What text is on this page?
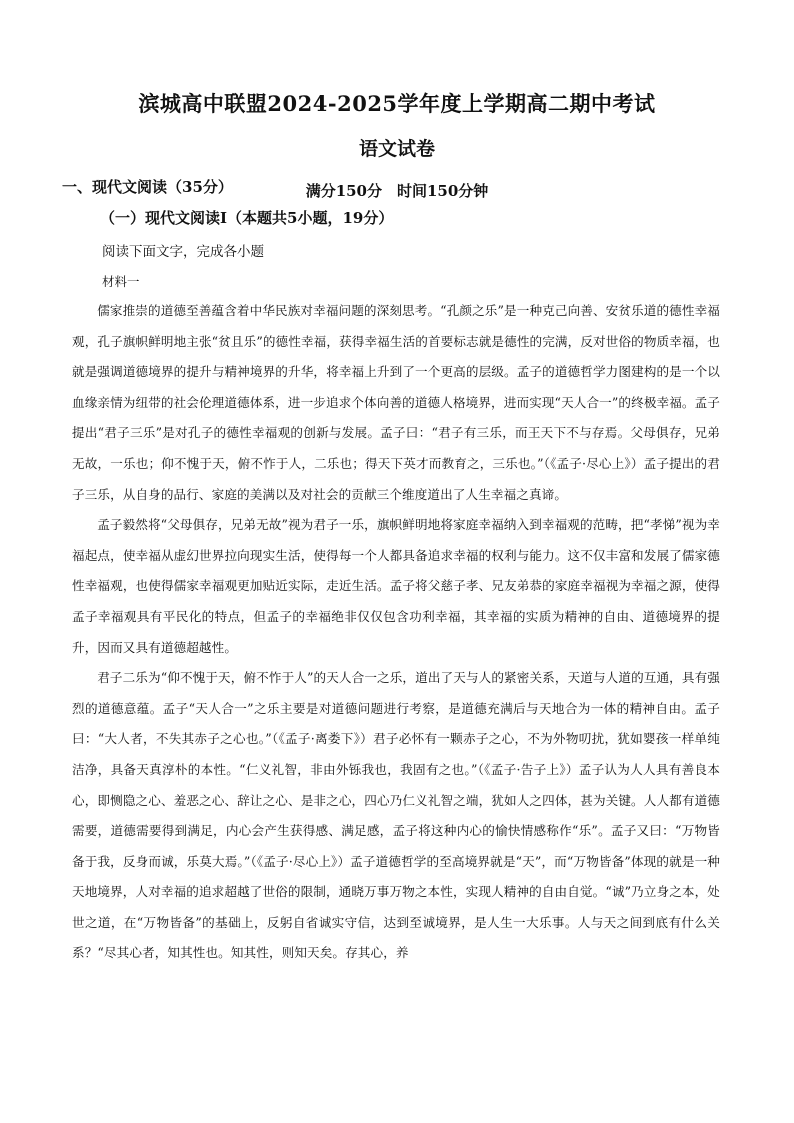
滨城高中联盟2024-2025学年度上学期高二期中考试
语文试卷
满分150分　时间150分钟
一、现代文阅读（35分）
（一）现代文阅读Ⅰ（本题共5小题，19分）

阅读下面文字，完成各小题

材料一

儒家推崇的道德至善蕴含着中华民族对幸福问题的深刻思考。“孔颜之乐”是一种克己向善、安贫乐道的德性幸福观，孔子旗帜鲜明地主张“贫且乐”的德性幸福，获得幸福生活的首要标志就是德性的完满，反对世俗的物质幸福，也就是强调道德境界的提升与精神境界的升华，将幸福上升到了一个更高的层级。孟子的道德哲学力图建构的是一个以血缘亲情为纽带的社会伦理道德体系，进一步追求个体向善的道德人格境界，进而实现“天人合一”的终极幸福。孟子提出“君子三乐”是对孔子的德性幸福观的创新与发展。孟子曰：“君子有三乐，而王天下不与存焉。父母俱存，兄弟无故，一乐也；仰不愧于天，俯不怍于人，二乐也；得天下英才而教育之，三乐也。”（《孟子·尽心上》）孟子提出的君子三乐，从自身的品行、家庭的美满以及对社会的贡献三个维度道出了人生幸福之真谛。

孟子毅然将“父母俱存，兄弟无故”视为君子一乐，旗帜鲜明地将家庭幸福纳入到幸福观的范畴，把“孝悌”视为幸福起点，使幸福从虚幻世界拉向现实生活，使得每一个人都具备追求幸福的权利与能力。这不仅丰富和发展了儒家德性幸福观，也使得儒家幸福观更加贴近实际，走近生活。孟子将父慈子孝、兄友弟恭的家庭幸福视为幸福之源，使得孟子幸福观具有平民化的特点，但孟子的幸福绝非仅仅包含功利幸福，其幸福的实质为精神的自由、道德境界的提升，因而又具有道德超越性。

君子二乐为“仰不愧于天，俯不怍于人”的天人合一之乐，道出了天与人的紧密关系，天道与人道的互通，具有强烈的道德意蕴。孟子“天人合一”之乐主要是对道德问题进行考察，是道德充满后与天地合为一体的精神自由。孟子曰：“大人者，不失其赤子之心也。”（《孟子·离娄下》）君子必怀有一颗赤子之心，不为外物叨扰，犹如婴孩一样单纯洁净，具备天真淳朴的本性。“仁义礼智，非由外铄我也，我固有之也。”（《孟子·告子上》）孟子认为人人具有善良本心，即恻隐之心、羞恶之心、辞让之心、是非之心，四心乃仁义礼智之端，犹如人之四体，甚为关键。人人都有道德需要，道德需要得到满足，内心会产生获得感、满足感，孟子将这种内心的愉快情感称作“乐”。孟子又曰：“万物皆备于我，反身而诚，乐莫大焉。”（《孟子·尽心上》）孟子道德哲学的至高境界就是“天”，而“万物皆备”体现的就是一种天地境界，人对幸福的追求超越了世俗的限制，通晓万事万物之本性，实现人精神的自由自觉。“诚”乃立身之本，处世之道，在“万物皆备”的基础上，反躬自省诚实守信，达到至诚境界，是人生一大乐事。人与天之间到底有什么关系？“尽其心者，知其性也。知其性，则知天矣。存其心，养
